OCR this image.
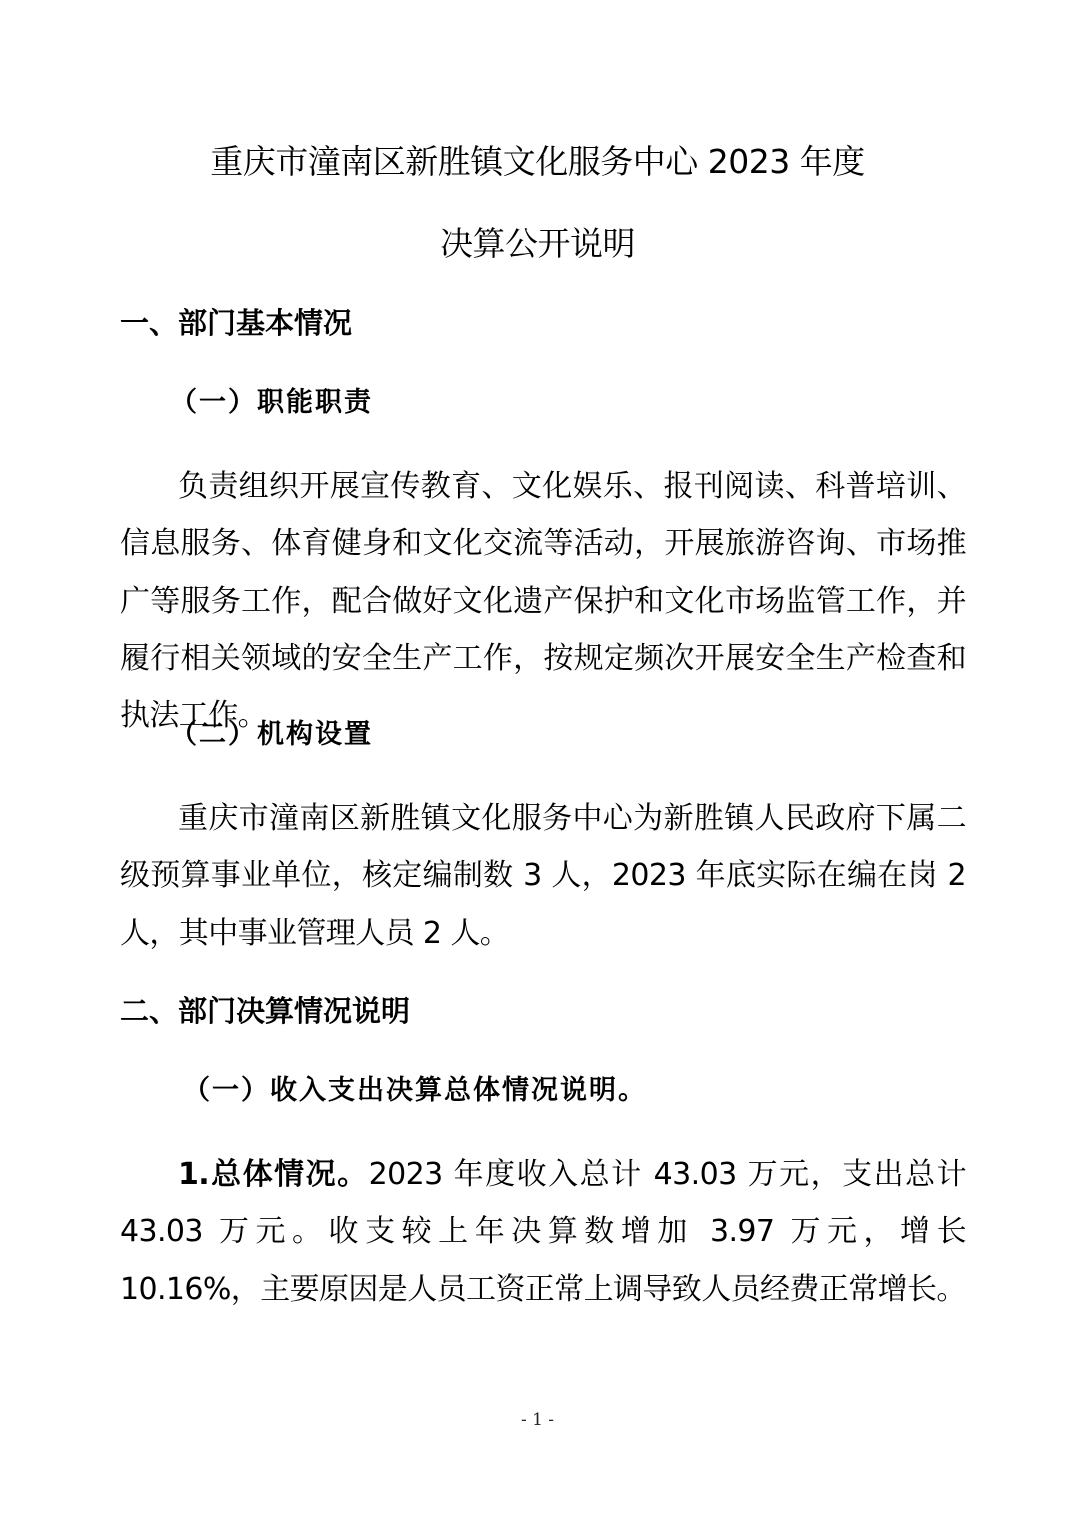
重庆市潼南区新胜镇文化服务中心 2023 年度
决算公开说明
一、部门基本情况
（一）职能职责

负责组织开展宣传教育、文化娱乐、报刊阅读、科普培训、信息服务、体育健身和文化交流等活动，开展旅游咨询、市场推广等服务工作，配合做好文化遗产保护和文化市场监管工作，并履行相关领域的安全生产工作，按规定频次开展安全生产检查和执法工作。

（二）机构设置

重庆市潼南区新胜镇文化服务中心为新胜镇人民政府下属二级预算事业单位，核定编制数 3 人，2023 年底实际在编在岗 2 人，其中事业管理人员 2 人。

二、部门决算情况说明
（一）收入支出决算总体情况说明。

1.总体情况。2023 年度收入总计 43.03 万元，支出总计 43.03 万元。收支较上年决算数增加 3.97 万元，增长 10.16%，主要原因是人员工资正常上调导致人员经费正常增长。

- 1 -
